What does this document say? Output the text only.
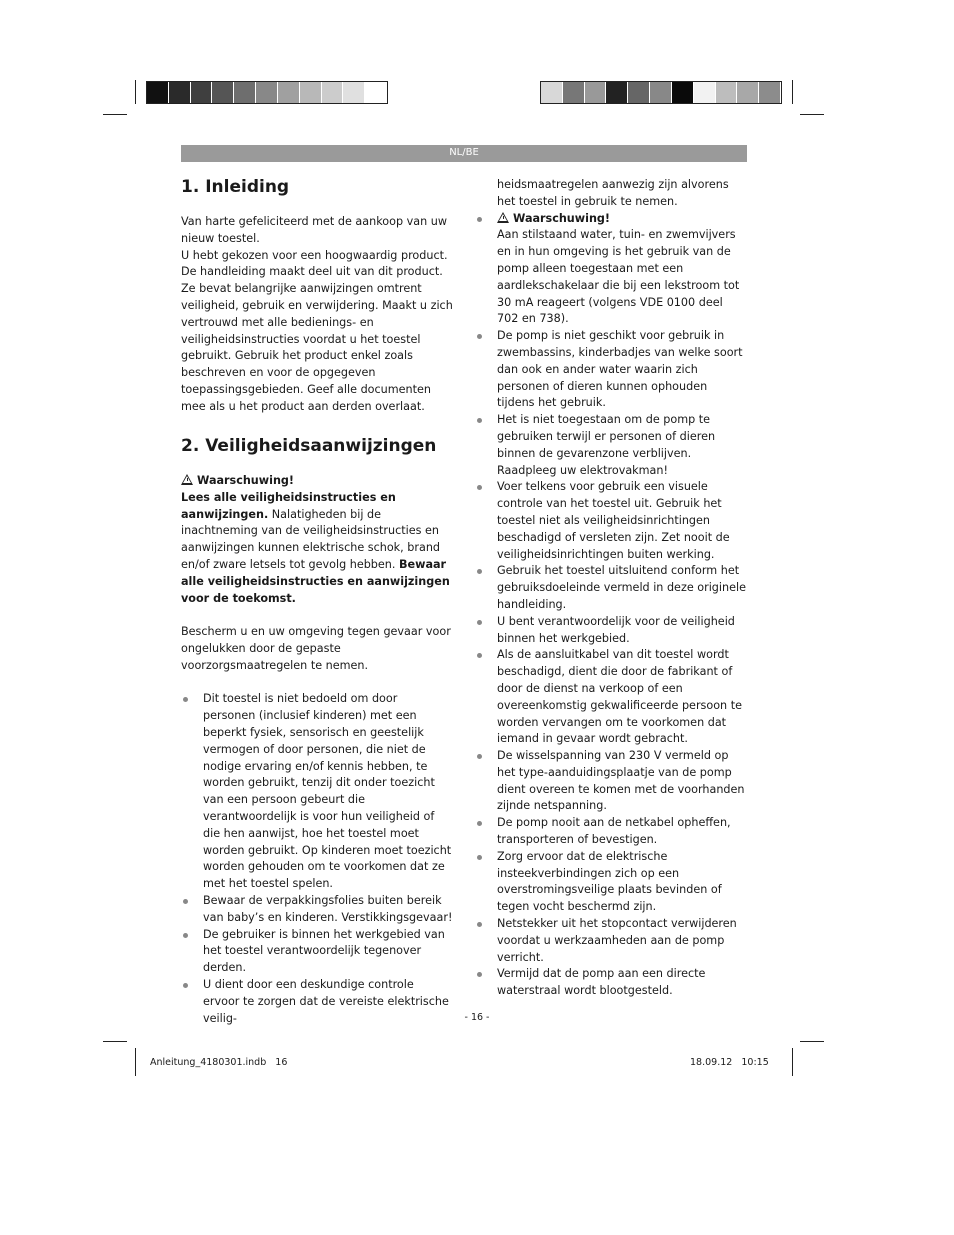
NL/BE
1. Inleiding

Van harte gefeliciteerd met de aankoop van uw nieuw toestel.

U hebt gekozen voor een hoogwaardig product. De handleiding maakt deel uit van dit product. Ze bevat belangrijke aanwijzingen omtrent veiligheid, gebruik en verwijdering. Maakt u zich vertrouwd met alle bedienings- en veiligheidsinstructies voordat u het toestel gebruikt. Gebruik het product enkel zoals beschreven en voor de opgegeven toepassingsgebieden. Geef alle documenten mee als u het product aan derden overlaat.

2. Veiligheidsaanwijzingen

Waarschuwing!

Lees alle veiligheidsinstructies en aanwijzingen. Nalatigheden bij de inachtneming van de veiligheidsinstructies en aanwijzingen kunnen elektrische schok, brand en/of zware letsels tot gevolg hebben. Bewaar alle veiligheidsinstructies en aanwijzingen voor de toekomst.

Bescherm u en uw omgeving tegen gevaar voor ongelukken door de gepaste voorzorgsmaatregelen te nemen.

Dit toestel is niet bedoeld om door personen (inclusief kinderen) met een beperkt fysiek, sensorisch en geestelijk vermogen of door personen, die niet de nodige ervaring en/of kennis hebben, te worden gebruikt, tenzij dit onder toezicht van een persoon gebeurt die verantwoordelijk is voor hun veiligheid of die hen aanwijst, hoe het toestel moet worden gebruikt. Op kinderen moet toezicht worden gehouden om te voorkomen dat ze met het toestel spelen.
Bewaar de verpakkingsfolies buiten bereik van baby’s en kinderen. Verstikkingsgevaar!
De gebruiker is binnen het werkgebied van het toestel verantwoordelijk tegenover derden.
U dient door een deskundige controle ervoor te zorgen dat de vereiste elektrische veilig-

heidsmaatregelen aanwezig zijn alvorens het toestel in gebruik te nemen.

Waarschuwing!
Aan stilstaand water, tuin- en zwemvijvers en in hun omgeving is het gebruik van de pomp alleen toegestaan met een aardlekschakelaar die bij een lekstroom tot 30 mA reageert (volgens VDE 0100 deel 702 en 738).
De pomp is niet geschikt voor gebruik in zwembassins, kinderbadjes van welke soort dan ook en ander water waarin zich personen of dieren kunnen ophouden tijdens het gebruik.
Het is niet toegestaan om de pomp te gebruiken terwijl er personen of dieren binnen de gevarenzone verblijven. Raadpleeg uw elektrovakman!
Voer telkens voor gebruik een visuele controle van het toestel uit. Gebruik het toestel niet als veiligheidsinrichtingen beschadigd of versleten zijn. Zet nooit de veiligheidsinrichtingen buiten werking.
Gebruik het toestel uitsluitend conform het gebruiksdoeleinde vermeld in deze originele handleiding.
U bent verantwoordelijk voor de veiligheid binnen het werkgebied.
Als de aansluitkabel van dit toestel wordt beschadigd, dient die door de fabrikant of door de dienst na verkoop of een overeenkomstig gekwalificeerde persoon te worden vervangen om te voorkomen dat iemand in gevaar wordt gebracht.
De wisselspanning van 230 V vermeld op het type-aanduidingsplaatje van de pomp dient overeen te komen met de voorhanden zijnde netspanning.
De pomp nooit aan de netkabel opheffen, transporteren of bevestigen.
Zorg ervoor dat de elektrische insteekverbindingen zich op een overstromingsveilige plaats bevinden of tegen vocht beschermd zijn.
Netstekker uit het stopcontact verwijderen voordat u werkzaamheden aan de pomp verricht.
Vermijd dat de pomp aan een directe waterstraal wordt blootgesteld.
- 16 -
Anleitung_4180301.indb   16	18.09.12   10:15
